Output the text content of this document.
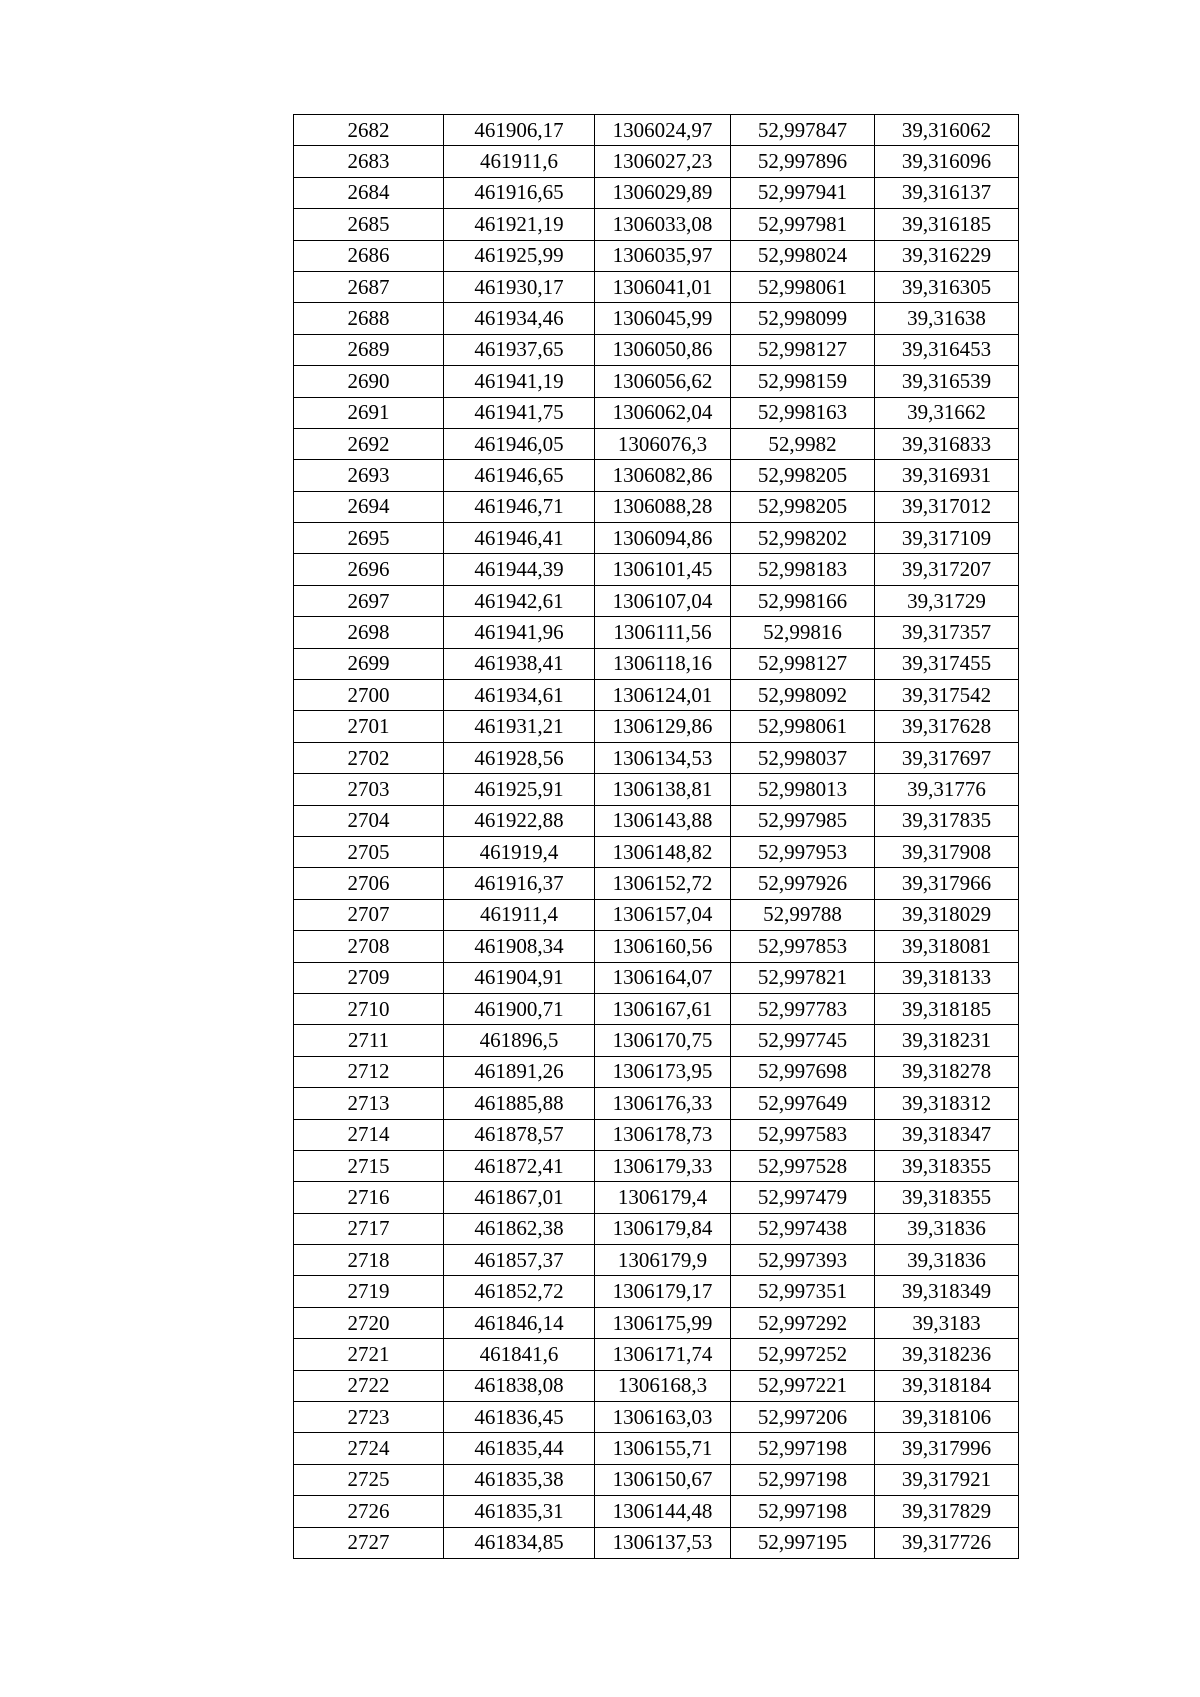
2682	461906,17	1306024,97	52,997847	39,316062
2683	461911,6	1306027,23	52,997896	39,316096
2684	461916,65	1306029,89	52,997941	39,316137
2685	461921,19	1306033,08	52,997981	39,316185
2686	461925,99	1306035,97	52,998024	39,316229
2687	461930,17	1306041,01	52,998061	39,316305
2688	461934,46	1306045,99	52,998099	39,31638
2689	461937,65	1306050,86	52,998127	39,316453
2690	461941,19	1306056,62	52,998159	39,316539
2691	461941,75	1306062,04	52,998163	39,31662
2692	461946,05	1306076,3	52,9982	39,316833
2693	461946,65	1306082,86	52,998205	39,316931
2694	461946,71	1306088,28	52,998205	39,317012
2695	461946,41	1306094,86	52,998202	39,317109
2696	461944,39	1306101,45	52,998183	39,317207
2697	461942,61	1306107,04	52,998166	39,31729
2698	461941,96	1306111,56	52,99816	39,317357
2699	461938,41	1306118,16	52,998127	39,317455
2700	461934,61	1306124,01	52,998092	39,317542
2701	461931,21	1306129,86	52,998061	39,317628
2702	461928,56	1306134,53	52,998037	39,317697
2703	461925,91	1306138,81	52,998013	39,31776
2704	461922,88	1306143,88	52,997985	39,317835
2705	461919,4	1306148,82	52,997953	39,317908
2706	461916,37	1306152,72	52,997926	39,317966
2707	461911,4	1306157,04	52,99788	39,318029
2708	461908,34	1306160,56	52,997853	39,318081
2709	461904,91	1306164,07	52,997821	39,318133
2710	461900,71	1306167,61	52,997783	39,318185
2711	461896,5	1306170,75	52,997745	39,318231
2712	461891,26	1306173,95	52,997698	39,318278
2713	461885,88	1306176,33	52,997649	39,318312
2714	461878,57	1306178,73	52,997583	39,318347
2715	461872,41	1306179,33	52,997528	39,318355
2716	461867,01	1306179,4	52,997479	39,318355
2717	461862,38	1306179,84	52,997438	39,31836
2718	461857,37	1306179,9	52,997393	39,31836
2719	461852,72	1306179,17	52,997351	39,318349
2720	461846,14	1306175,99	52,997292	39,3183
2721	461841,6	1306171,74	52,997252	39,318236
2722	461838,08	1306168,3	52,997221	39,318184
2723	461836,45	1306163,03	52,997206	39,318106
2724	461835,44	1306155,71	52,997198	39,317996
2725	461835,38	1306150,67	52,997198	39,317921
2726	461835,31	1306144,48	52,997198	39,317829
2727	461834,85	1306137,53	52,997195	39,317726
